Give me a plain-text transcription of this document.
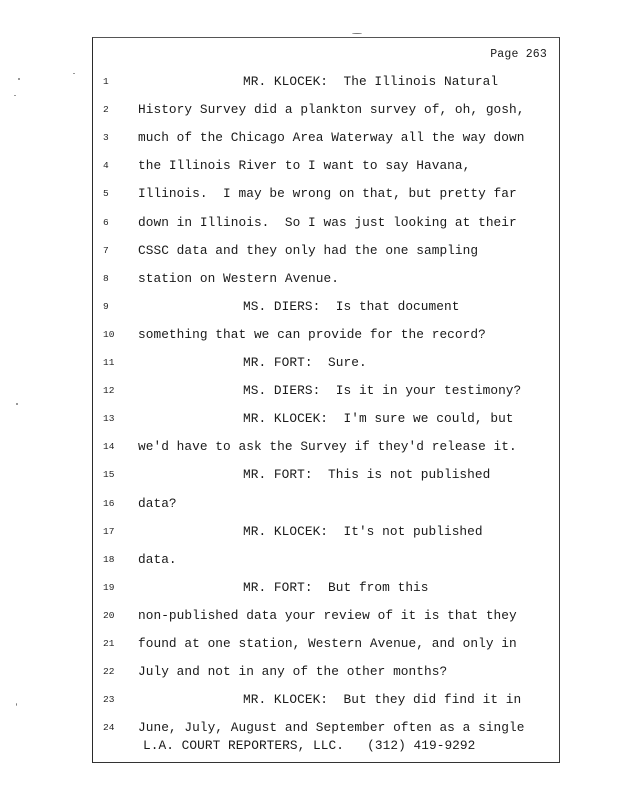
Page 263
1	MR. KLOCEK:  The Illinois Natural
2	History Survey did a plankton survey of, oh, gosh,
3	much of the Chicago Area Waterway all the way down
4	the Illinois River to I want to say Havana,
5	Illinois.  I may be wrong on that, but pretty far
6	down in Illinois.  So I was just looking at their
7	CSSC data and they only had the one sampling
8	station on Western Avenue.
9	MS. DIERS:  Is that document
10	something that we can provide for the record?
11	MR. FORT:  Sure.
12	MS. DIERS:  Is it in your testimony?
13	MR. KLOCEK:  I'm sure we could, but
14	we'd have to ask the Survey if they'd release it.
15	MR. FORT:  This is not published
16	data?
17	MR. KLOCEK:  It's not published
18	data.
19	MR. FORT:  But from this
20	non-published data your review of it is that they
21	found at one station, Western Avenue, and only in
22	July and not in any of the other months?
23	MR. KLOCEK:  But they did find it in
24	June, July, August and September often as a single
L.A. COURT REPORTERS, LLC.   (312) 419-9292
